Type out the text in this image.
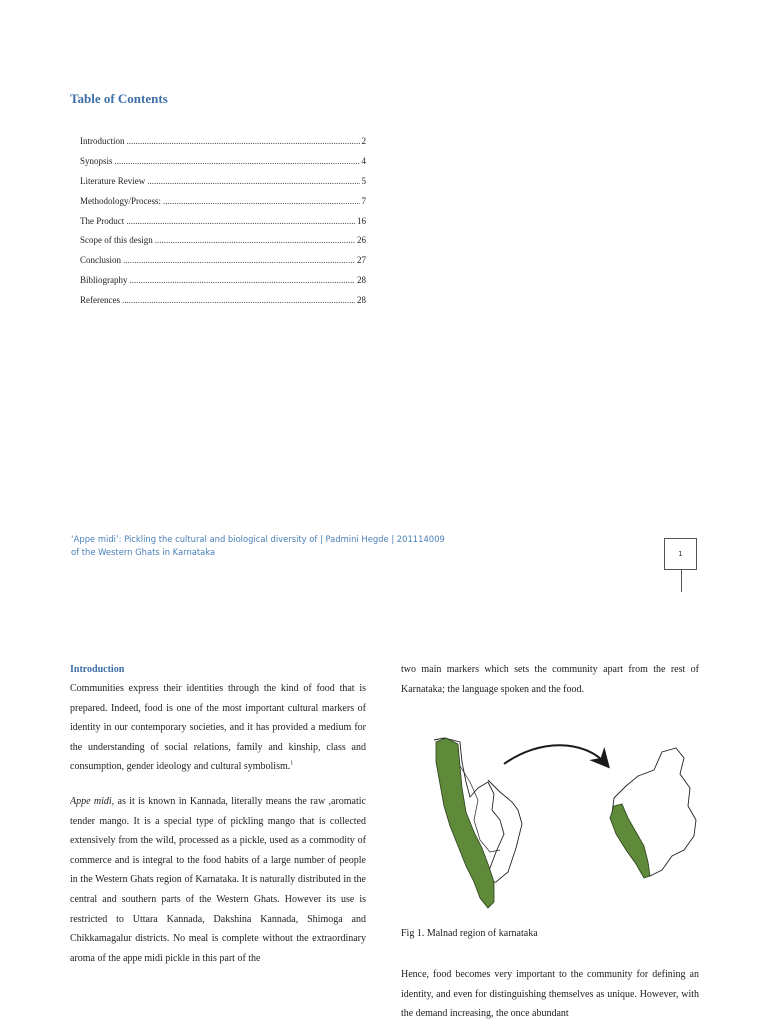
Table of Contents
Introduction .....	2
Synopsis .....	4
Literature Review .....	5
Methodology/Process: .....	7
The Product .....	16
Scope of this design .....	26
Conclusion .....	27
Bibliography .....	28
References .....	28
‘Appe midi’: Pickling the cultural and biological diversity of | Padmini Hegde | 201114009
of the Western Ghats in Karnataka	1

Introduction

Communities express their identities through the kind of food that is prepared. Indeed, food is one of the most important cultural markers of identity in our contemporary societies, and it has provided a medium for the understanding of social relations, family and kinship, class and consumption, gender ideology and cultural symbolism.$^1$

Appe midi, as it is known in Kannada, literally means the raw ,aromatic tender mango. It is a special type of pickling mango that is collected extensively from the wild, processed as a pickle, used as a commodity of commerce and is integral to the food habits of a large number of people in the Western Ghats region of Karnataka. It is naturally distributed in the central and southern parts of the Western Ghats. However its use is restricted to Uttara Kannada, Dakshina Kannada, Shimoga and Chikkamagalur districts. No meal is complete without the extraordinary aroma of the appe midi pickle in this part of the

two main markers which sets the community apart from the rest of Karnataka; the language spoken and the food.

Fig 1. Malnad region of karnataka

Hence, food becomes very important to the community for defining an identity, and even for distinguishing themselves as unique. However, with the demand increasing, the once abundant
